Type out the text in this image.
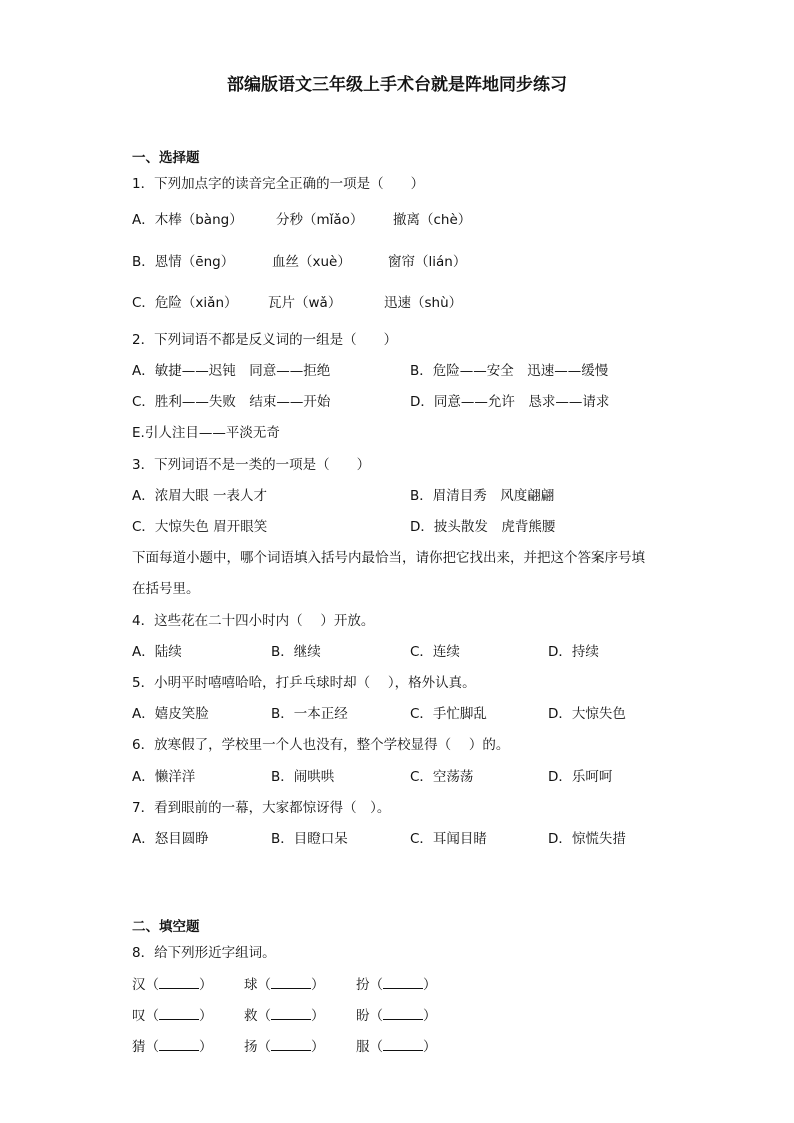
部编版语文三年级上手术台就是阵地同步练习
一、选择题
1．下列加点字的读音完全正确的一项是（　　）
A．木棒（bàng） 分秒（mǐǎo） 撤离（chè）
B．恩情（ēng）	血丝（xuè）	窗帘（lián）
C．危险（xiǎn） 瓦片（wǎ）	迅速（shù）
2．下列词语不都是反义词的一组是（　　）
A．敏捷——迟钝　同意——拒绝	B．危险——安全　迅速——缓慢
C．胜利——失败　结束——开始	D．同意——允许　恳求——请求
E.引人注目——平淡无奇
3．下列词语不是一类的一项是（　　）
A．浓眉大眼 一表人才	B．眉清目秀　风度翩翩
C．大惊失色 眉开眼笑	D．披头散发　虎背熊腰
下面每道小题中，哪个词语填入括号内最恰当，请你把它找出来，并把这个答案序号填
在括号里。
4．这些花在二十四小时内（　 ）开放。
A．陆续	B．继续	C．连续	D．持续
5．小明平时嘻嘻哈哈，打乒乓球时却（　 ），格外认真。
A．嬉皮笑脸	B．一本正经	C．手忙脚乱	D．大惊失色
6．放寒假了，学校里一个人也没有，整个学校显得（　 ）的。
A．懒洋洋	B．闹哄哄	C．空荡荡	D．乐呵呵
7．看到眼前的一幕，大家都惊讶得（　）。
A．怒目圆睁	B．目瞪口呆	C．耳闻目睹	D．惊慌失措
二、填空题
8．给下列形近字组词。
汉（	） 球（	） 扮（	）
叹（	） 救（	） 盼（	）
猜（	） 扬（	） 服（	）
